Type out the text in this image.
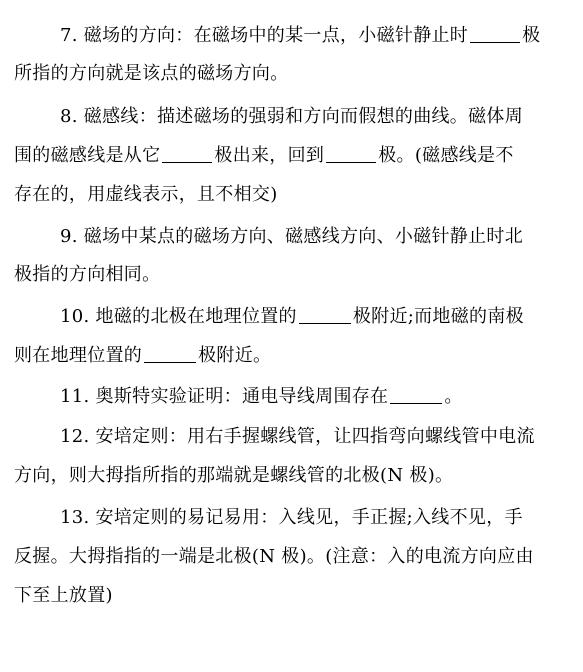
7. 磁场的方向：在磁场中的某一点，小磁针静止时	极
所指的方向就是该点的磁场方向。
8. 磁感线：描述磁场的强弱和方向而假想的曲线。磁体周
围的磁感线是从它	极出来，回到	极。(磁感线是不
存在的，用虚线表示，且不相交)
9. 磁场中某点的磁场方向、磁感线方向、小磁针静止时北
极指的方向相同。
10. 地磁的北极在地理位置的	极附近;而地磁的南极
则在地理位置的	极附近。
11. 奥斯特实验证明：通电导线周围存在	。
12. 安培定则：用右手握螺线管，让四指弯向螺线管中电流
方向，则大拇指所指的那端就是螺线管的北极(N 极)。
13. 安培定则的易记易用：入线见，手正握;入线不见，手
反握。大拇指指的一端是北极(N 极)。(注意：入的电流方向应由
下至上放置)
